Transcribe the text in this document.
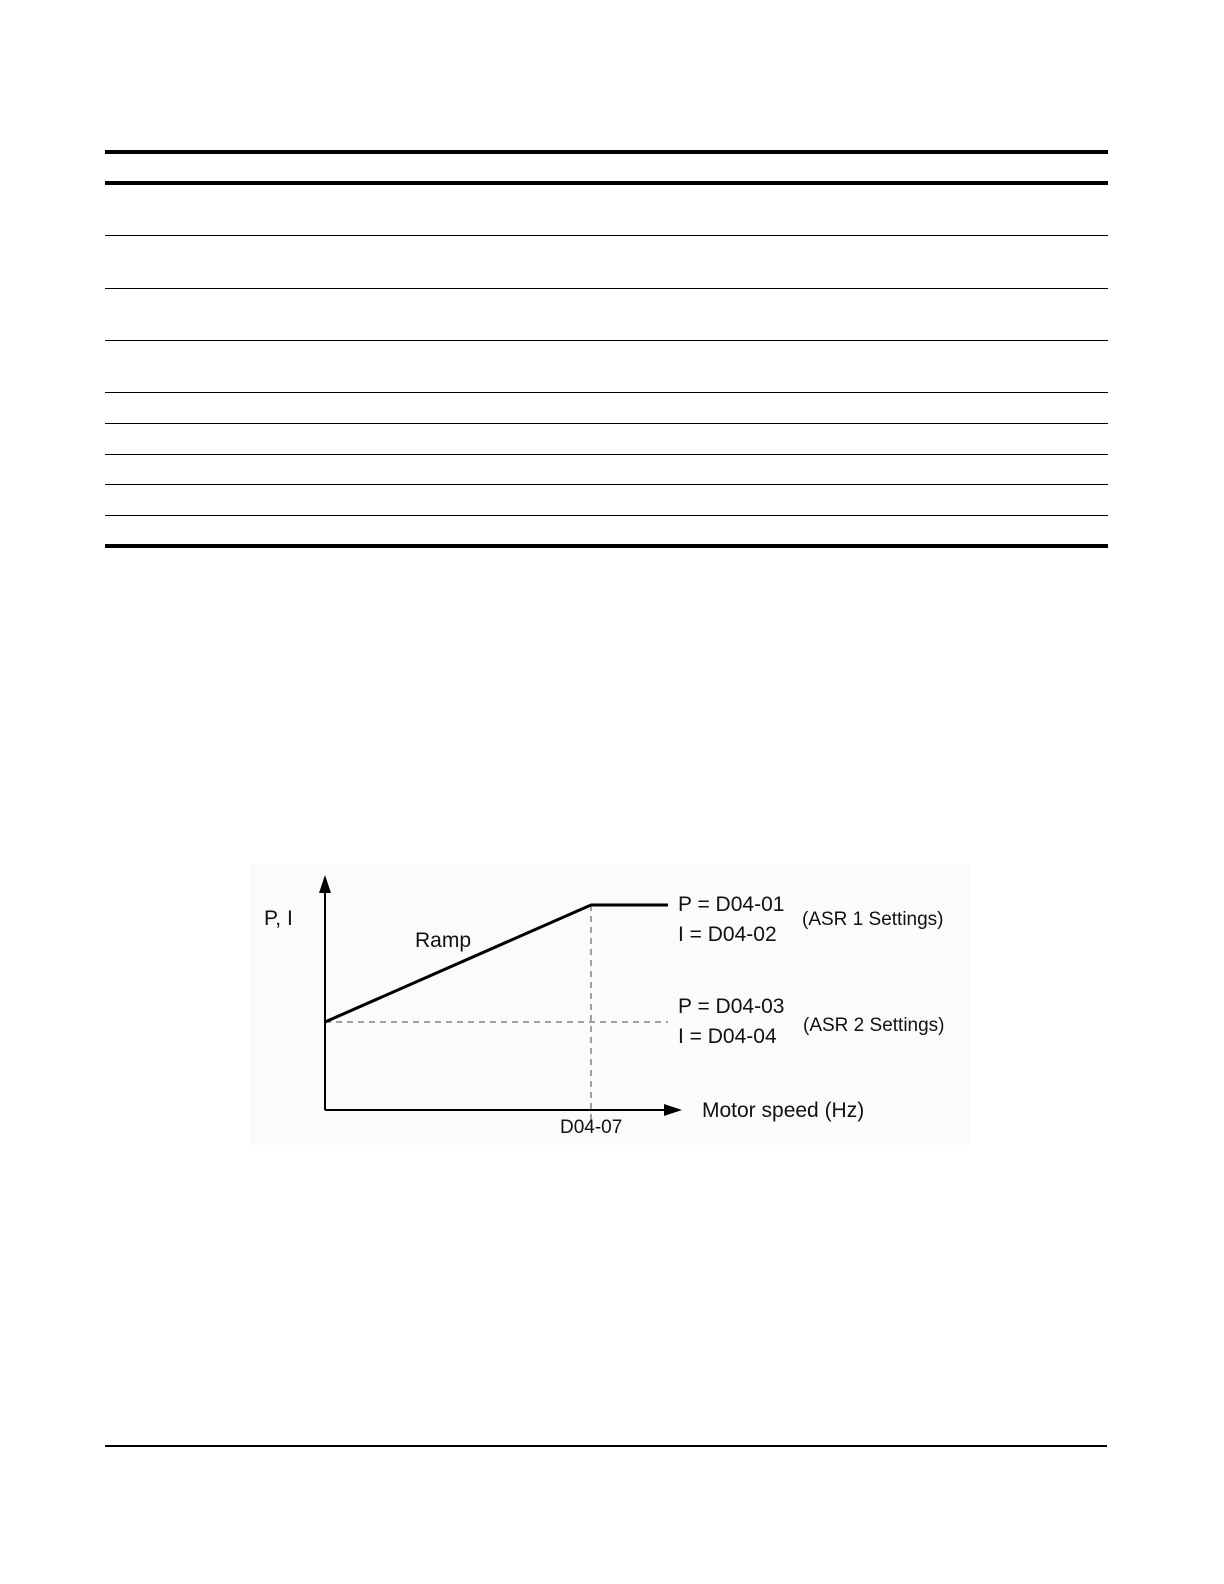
P, I
Ramp
P = D04-01
I = D04-02
(ASR 1 Settings)
P = D04-03
I = D04-04 (ASR 2 Settings)
Motor speed (Hz)
D04-07
